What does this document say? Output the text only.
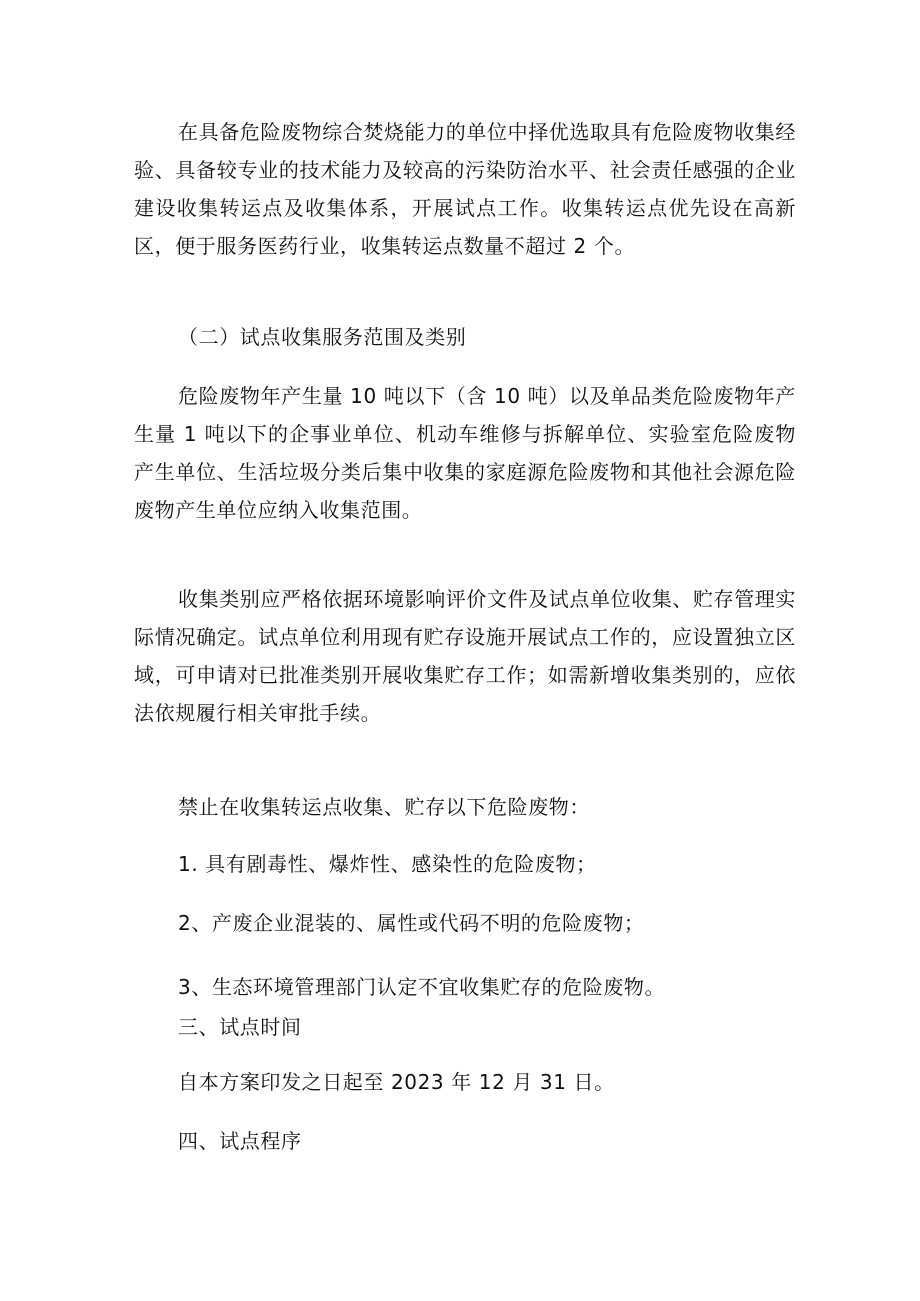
在具备危险废物综合焚烧能力的单位中择优选取具有危险废物收集经验、具备较专业的技术能力及较高的污染防治水平、社会责任感强的企业建设收集转运点及收集体系，开展试点工作。收集转运点优先设在高新区，便于服务医药行业，收集转运点数量不超过 2 个。

（二）试点收集服务范围及类别

危险废物年产生量 10 吨以下（含 10 吨）以及单品类危险废物年产生量 1 吨以下的企事业单位、机动车维修与拆解单位、实验室危险废物产生单位、生活垃圾分类后集中收集的家庭源危险废物和其他社会源危险废物产生单位应纳入收集范围。

收集类别应严格依据环境影响评价文件及试点单位收集、贮存管理实际情况确定。试点单位利用现有贮存设施开展试点工作的，应设置独立区域，可申请对已批准类别开展收集贮存工作；如需新增收集类别的，应依法依规履行相关审批手续。

禁止在收集转运点收集、贮存以下危险废物：

1. 具有剧毒性、爆炸性、感染性的危险废物；

2、产废企业混装的、属性或代码不明的危险废物；

3、生态环境管理部门认定不宜收集贮存的危险废物。

三、试点时间

自本方案印发之日起至 2023 年 12 月 31 日。

四、试点程序
